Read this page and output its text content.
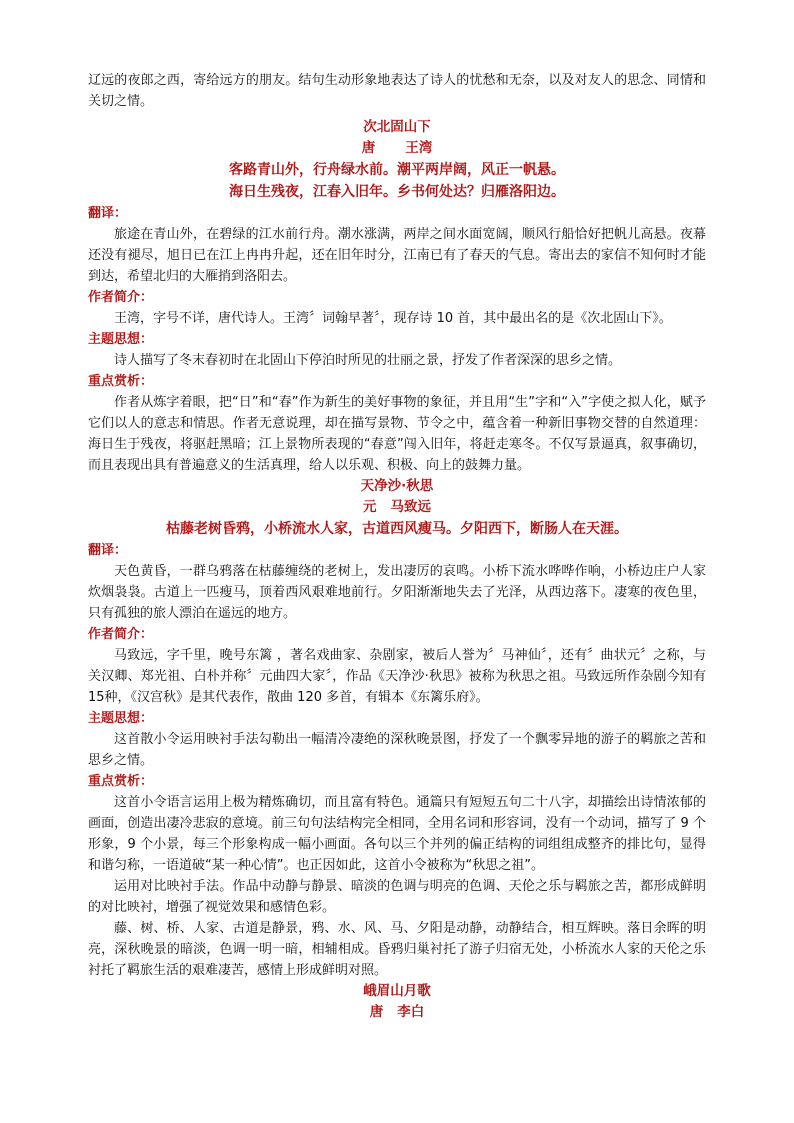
辽远的夜郎之西，寄给远方的朋友。结句生动形象地表达了诗人的忧愁和无奈，以及对友人的思念、同情和关切之情。

次北固山下

唐 王湾

客路青山外，行舟绿水前。潮平两岸阔，风正一帆悬。

海日生残夜，江春入旧年。乡书何处达？归雁洛阳边。

翻译：

旅途在青山外，在碧绿的江水前行舟。潮水涨满，两岸之间水面宽阔，顺风行船恰好把帆儿高悬。夜幕还没有褪尽，旭日已在江上冉冉升起，还在旧年时分，江南已有了春天的气息。寄出去的家信不知何时才能到达，希望北归的大雁捎到洛阳去。

作者简介：

王湾，字号不详，唐代诗人。王湾〞词翰早著〞，现存诗 10 首，其中最出名的是《次北固山下》。

主题思想：

诗人描写了冬末春初时在北固山下停泊时所见的壮丽之景，抒发了作者深深的思乡之情。

重点赏析：

作者从炼字着眼，把“日”和“春”作为新生的美好事物的象征，并且用“生”字和“入”字使之拟人化，赋予它们以人的意志和情思。作者无意说理，却在描写景物、节令之中，蕴含着一种新旧事物交替的自然道理：海日生于残夜，将驱赶黑暗；江上景物所表现的“春意”闯入旧年，将赶走寒冬。不仅写景逼真，叙事确切，而且表现出具有普遍意义的生活真理，给人以乐观、积极、向上的鼓舞力量。

天净沙·秋思

元 马致远

枯藤老树昏鸦，小桥流水人家，古道西风瘦马。夕阳西下，断肠人在天涯。

翻译：

天色黄昏，一群乌鸦落在枯藤缠绕的老树上，发出凄厉的哀鸣。小桥下流水哗哗作响，小桥边庄户人家炊烟袅袅。古道上一匹瘦马，顶着西风艰难地前行。夕阳渐渐地失去了光泽，从西边落下。凄寒的夜色里，只有孤独的旅人漂泊在遥远的地方。

作者简介：

马致远，字千里，晚号东篱 ，著名戏曲家、杂剧家，被后人誉为〞马神仙〞，还有〞曲状元〞之称，与关汉卿、郑光祖、白朴并称〞元曲四大家〞，作品《天净沙·秋思》被称为秋思之祖。马致远所作杂剧今知有 15种，《汉宫秋》是其代表作，散曲 120 多首，有辑本《东篱乐府》。

主题思想：

这首散小令运用映衬手法勾勒出一幅清冷凄绝的深秋晚景图，抒发了一个飘零异地的游子的羁旅之苦和思乡之情。

重点赏析：

这首小令语言运用上极为精炼确切，而且富有特色。通篇只有短短五句二十八字，却描绘出诗情浓郁的画面，创造出凄冷悲寂的意境。前三句句法结构完全相同，全用名词和形容词，没有一个动词，描写了 9 个形象，9 个小景，每三个形象构成一幅小画面。各句以三个并列的偏正结构的词组组成整齐的排比句，显得和谐匀称，一语道破“某一种心情”。也正因如此，这首小令被称为“秋思之祖”。

运用对比映衬手法。作品中动静与静景、暗淡的色调与明亮的色调、天伦之乐与羁旅之苦，都形成鲜明的对比映衬，增强了视觉效果和感情色彩。

藤、树、桥、人家、古道是静景，鸦、水、风、马、夕阳是动静，动静结合，相互辉映。落日余晖的明亮，深秋晚景的暗淡，色调一明一暗，相辅相成。昏鸦归巢衬托了游子归宿无处，小桥流水人家的天伦之乐衬托了羁旅生活的艰难凄苦，感情上形成鲜明对照。

峨眉山月歌

唐 李白
